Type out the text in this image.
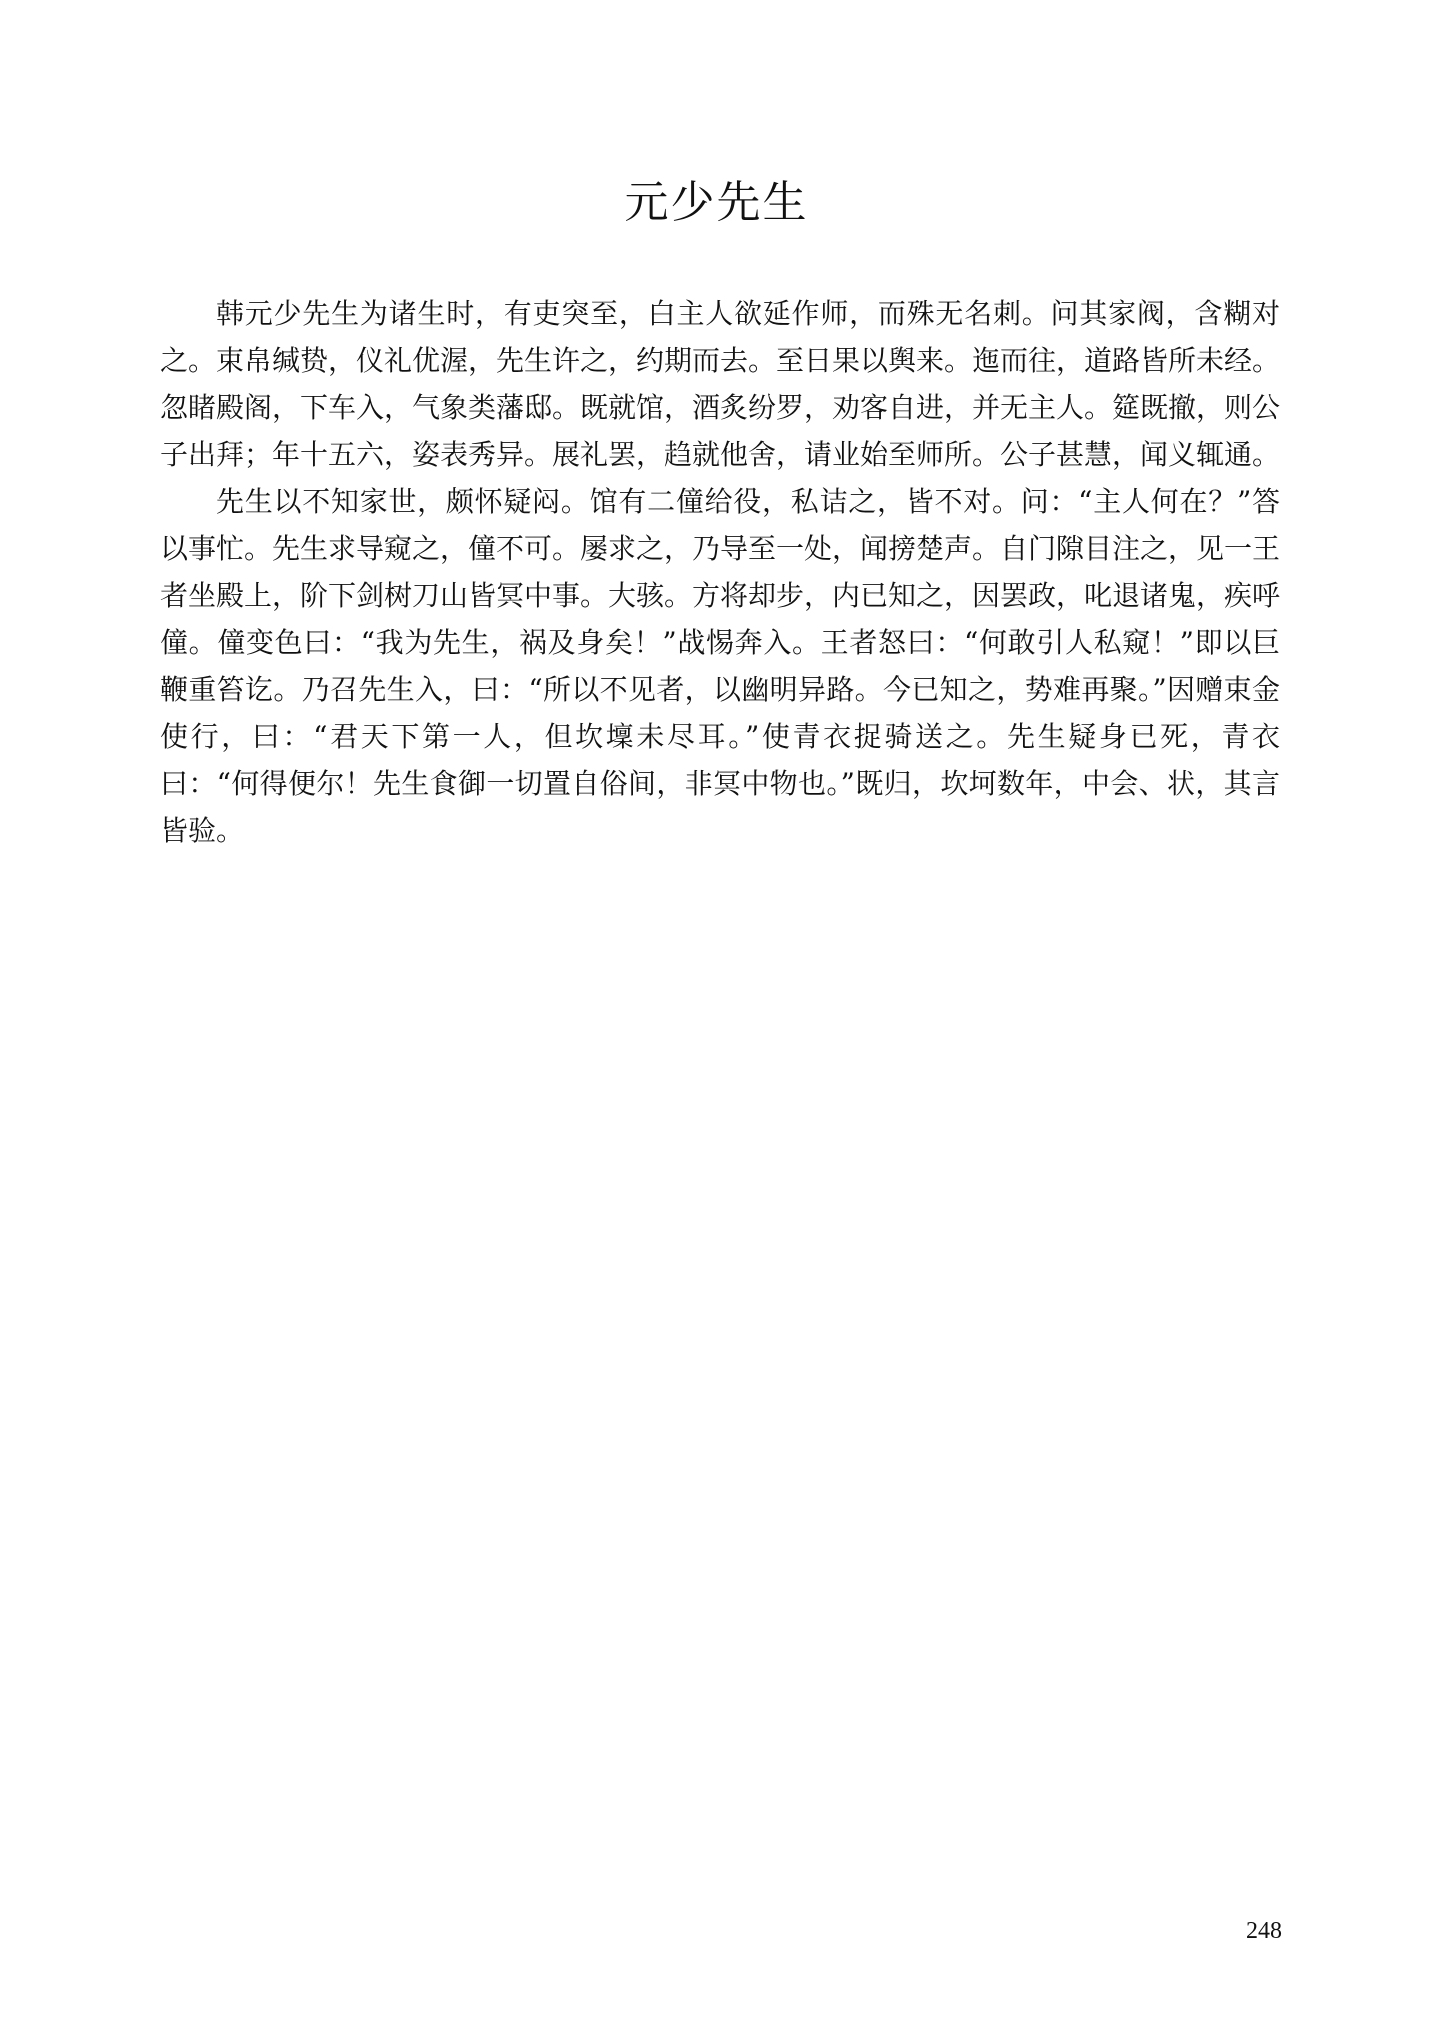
元少先生

韩元少先生为诸生时，有吏突至，白主人欲延作师，而殊无名刺。问其家阀，含糊对之。束帛缄贽，仪礼优渥，先生许之，约期而去。至日果以舆来。迤而往，道路皆所未经。忽睹殿阁，下车入，气象类藩邸。既就馆，酒炙纷罗，劝客自进，并无主人。筵既撤，则公子出拜；年十五六，姿表秀异。展礼罢，趋就他舍，请业始至师所。公子甚慧，闻义辄通。

先生以不知家世，颇怀疑闷。馆有二僮给役，私诘之，皆不对。问：“主人何在？”答以事忙。先生求导窥之，僮不可。屡求之，乃导至一处，闻搒楚声。自门隙目注之，见一王者坐殿上，阶下剑树刀山皆冥中事。大骇。方将却步，内已知之，因罢政，叱退诸鬼，疾呼僮。僮变色曰：“我为先生，祸及身矣！”战惕奔入。王者怒曰：“何敢引人私窥！”即以巨鞭重笞讫。乃召先生入，曰：“所以不见者，以幽明异路。今已知之，势难再聚。”因赠束金使行，曰：“君天下第一人，但坎壈未尽耳。”使青衣捉骑送之。先生疑身已死，青衣曰：“何得便尔！先生食御一切置自俗间，非冥中物也。”既归，坎坷数年，中会、状，其言皆验。

248
